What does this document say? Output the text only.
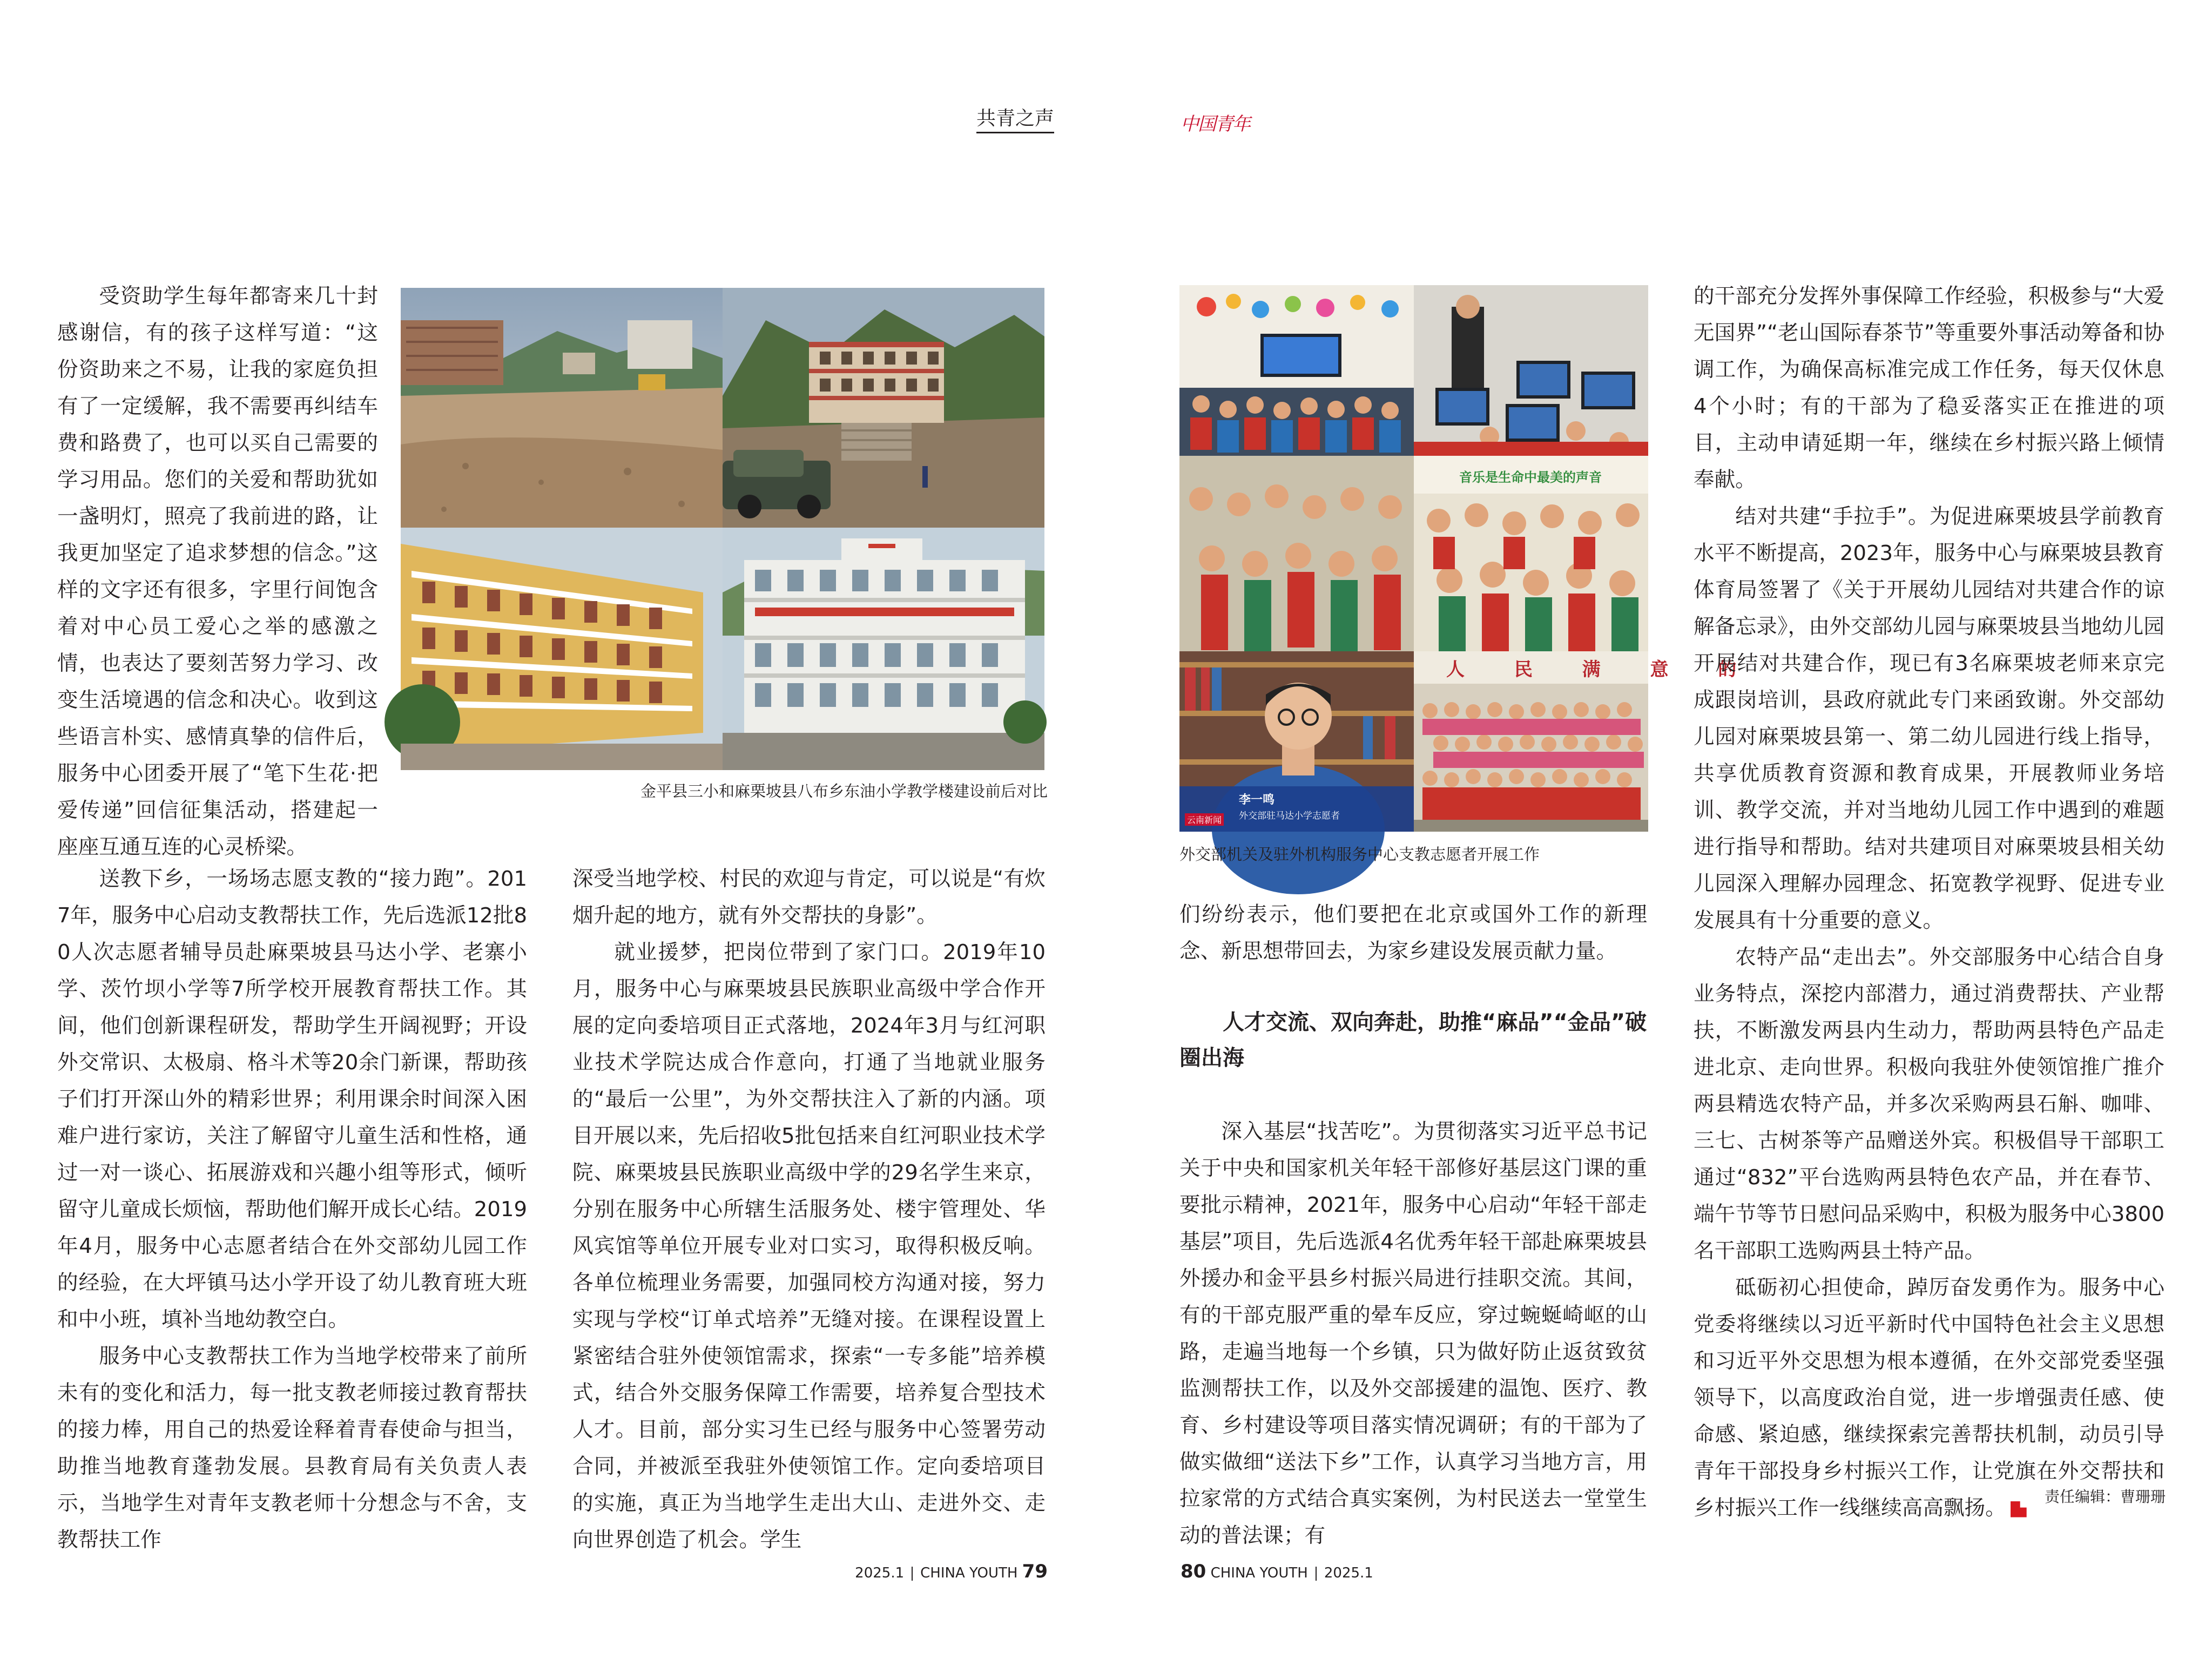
共青之声	中国青年
金平县三小和麻栗坡县八布乡东油小学教学楼建设前后对比

受资助学生每年都寄来几十封感谢信，有的孩子这样写道：“这份资助来之不易，让我的家庭负担有了一定缓解，我不需要再纠结车费和路费了，也可以买自己需要的学习用品。您们的关爱和帮助犹如一盏明灯，照亮了我前进的路，让我更加坚定了追求梦想的信念。”这样的文字还有很多，字里行间饱含着对中心员工爱心之举的感激之情，也表达了要刻苦努力学习、改变生活境遇的信念和决心。收到这些语言朴实、感情真挚的信件后，服务中心团委开展了“笔下生花·把爱传递”回信征集活动，搭建起一座座互通互连的心灵桥梁。

送教下乡，一场场志愿支教的“接力跑”。2017年，服务中心启动支教帮扶工作，先后选派12批80人次志愿者辅导员赴麻栗坡县马达小学、老寨小学、茨竹坝小学等7所学校开展教育帮扶工作。其间，他们创新课程研发，帮助学生开阔视野；开设外交常识、太极扇、格斗术等20余门新课，帮助孩子们打开深山外的精彩世界；利用课余时间深入困难户进行家访，关注了解留守儿童生活和性格，通过一对一谈心、拓展游戏和兴趣小组等形式，倾听留守儿童成长烦恼，帮助他们解开成长心结。2019年4月，服务中心志愿者结合在外交部幼儿园工作的经验，在大坪镇马达小学开设了幼儿教育班大班和中小班，填补当地幼教空白。

服务中心支教帮扶工作为当地学校带来了前所未有的变化和活力，每一批支教老师接过教育帮扶的接力棒，用自己的热爱诠释着青春使命与担当，助推当地教育蓬勃发展。县教育局有关负责人表示，当地学生对青年支教老师十分想念与不舍，支教帮扶工作

深受当地学校、村民的欢迎与肯定，可以说是“有炊烟升起的地方，就有外交帮扶的身影”。

就业援梦，把岗位带到了家门口。2019年10月，服务中心与麻栗坡县民族职业高级中学合作开展的定向委培项目正式落地，2024年3月与红河职业技术学院达成合作意向，打通了当地就业服务的“最后一公里”，为外交帮扶注入了新的内涵。项目开展以来，先后招收5批包括来自红河职业技术学院、麻栗坡县民族职业高级中学的29名学生来京，分别在服务中心所辖生活服务处、楼宇管理处、华风宾馆等单位开展专业对口实习，取得积极反响。各单位梳理业务需要，加强同校方沟通对接，努力实现与学校“订单式培养”无缝对接。在课程设置上紧密结合驻外使领馆需求，探索“一专多能”培养模式，结合外交服务保障工作需要，培养复合型技术人才。目前，部分实习生已经与服务中心签署劳动合同，并被派至我驻外使领馆工作。定向委培项目的实施，真正为当地学生走出大山、走进外交、走向世界创造了机会。学生

2025.1 CHINA YOUTH 79
音乐是生命中最美的声音
云南新闻
李一鸣
外交部驻马达小学志愿者
人 民 满 意 的
外交部机关及驻外机构服务中心支教志愿者开展工作

们纷纷表示，他们要把在北京或国外工作的新理念、新思想带回去，为家乡建设发展贡献力量。

人才交流、双向奔赴，助推“麻品”“金品”破圈出海

深入基层“找苦吃”。为贯彻落实习近平总书记关于中央和国家机关年轻干部修好基层这门课的重要批示精神，2021年，服务中心启动“年轻干部走基层”项目，先后选派4名优秀年轻干部赴麻栗坡县外援办和金平县乡村振兴局进行挂职交流。其间，有的干部克服严重的晕车反应，穿过蜿蜒崎岖的山路，走遍当地每一个乡镇，只为做好防止返贫致贫监测帮扶工作，以及外交部援建的温饱、医疗、教育、乡村建设等项目落实情况调研；有的干部为了做实做细“送法下乡”工作，认真学习当地方言，用拉家常的方式结合真实案例，为村民送去一堂堂生动的普法课；有

的干部充分发挥外事保障工作经验，积极参与“大爱无国界”“老山国际春茶节”等重要外事活动筹备和协调工作，为确保高标准完成工作任务，每天仅休息4个小时；有的干部为了稳妥落实正在推进的项目，主动申请延期一年，继续在乡村振兴路上倾情奉献。

结对共建“手拉手”。为促进麻栗坡县学前教育水平不断提高，2023年，服务中心与麻栗坡县教育体育局签署了《关于开展幼儿园结对共建合作的谅解备忘录》，由外交部幼儿园与麻栗坡县当地幼儿园开展结对共建合作，现已有3名麻栗坡老师来京完成跟岗培训，县政府就此专门来函致谢。外交部幼儿园对麻栗坡县第一、第二幼儿园进行线上指导，共享优质教育资源和教育成果，开展教师业务培训、教学交流，并对当地幼儿园工作中遇到的难题进行指导和帮助。结对共建项目对麻栗坡县相关幼儿园深入理解办园理念、拓宽教学视野、促进专业发展具有十分重要的意义。

农特产品“走出去”。外交部服务中心结合自身业务特点，深挖内部潜力，通过消费帮扶、产业帮扶，不断激发两县内生动力，帮助两县特色产品走进北京、走向世界。积极向我驻外使领馆推广推介两县精选农特产品，并多次采购两县石斛、咖啡、三七、古树茶等产品赠送外宾。积极倡导干部职工通过“832”平台选购两县特色农产品，并在春节、端午节等节日慰问品采购中，积极为服务中心3800名干部职工选购两县土特产品。

砥砺初心担使命，踔厉奋发勇作为。服务中心党委将继续以习近平新时代中国特色社会主义思想和习近平外交思想为根本遵循，在外交部党委坚强领导下，以高度政治自觉，进一步增强责任感、使命感、紧迫感，继续探索完善帮扶机制，动员引导青年干部投身乡村振兴工作，让党旗在外交帮扶和乡村振兴工作一线继续高高飘扬。	责任编辑：曹珊珊
80 CHINA YOUTH 2025.1
